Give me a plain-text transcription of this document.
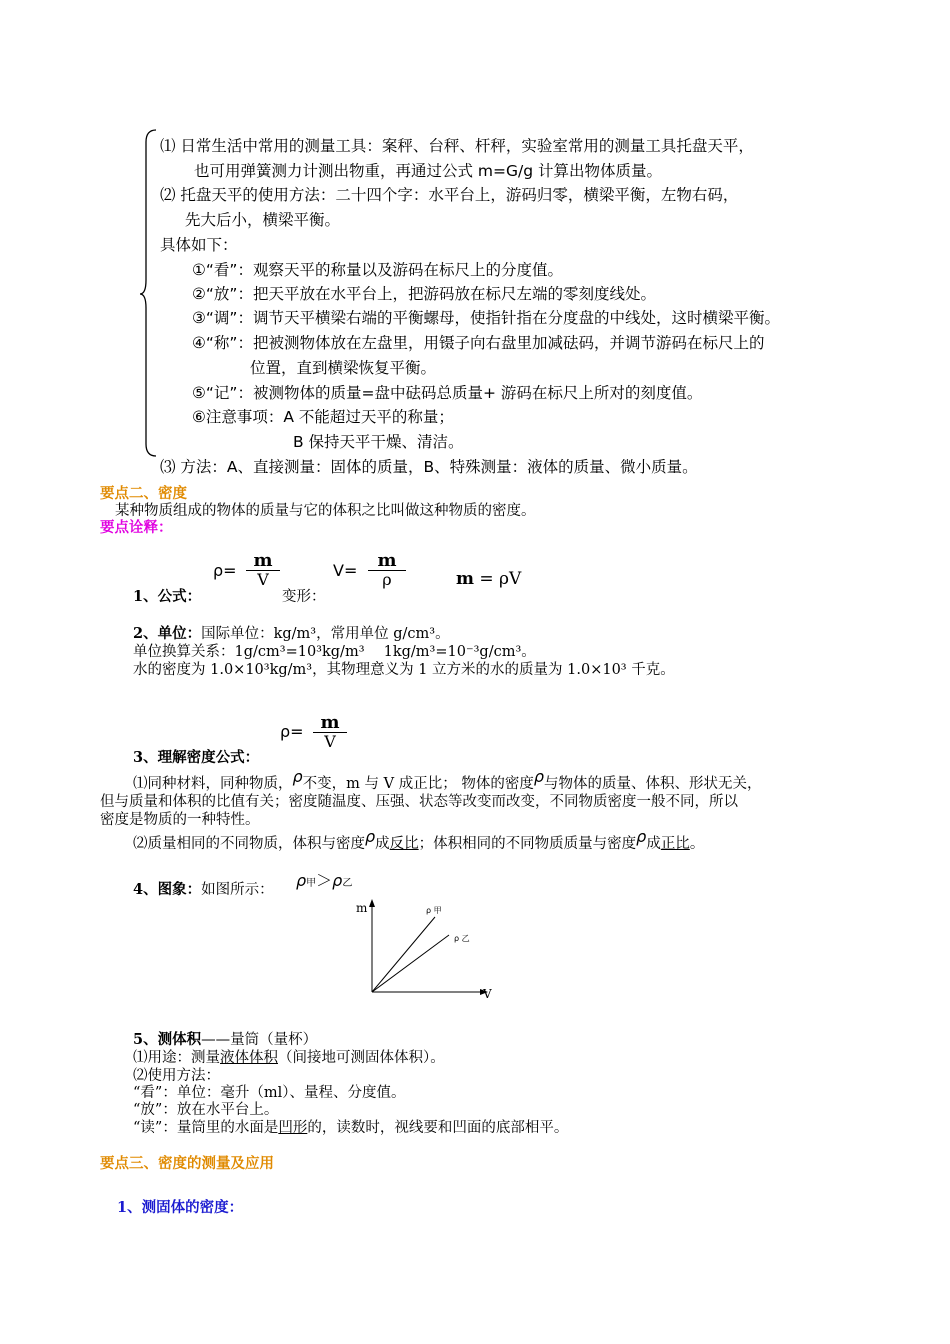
⑴ 日常生活中常用的测量工具：案秤、台秤、杆秤，实验室常用的测量工具托盘天平，
也可用弹簧测力计测出物重，再通过公式 m=G/g 计算出物体质量。
⑵ 托盘天平的使用方法：二十四个字：水平台上，游码归零，横梁平衡，左物右码，
先大后小，横梁平衡。
具体如下：
①“看”：观察天平的称量以及游码在标尺上的分度值。
②“放”：把天平放在水平台上，把游码放在标尺左端的零刻度线处。
③“调”：调节天平横梁右端的平衡螺母，使指针指在分度盘的中线处，这时横梁平衡。
④“称”：把被测物体放在左盘里，用镊子向右盘里加减砝码，并调节游码在标尺上的
位置，直到横梁恢复平衡。
⑤“记”：被测物体的质量=盘中砝码总质量+ 游码在标尺上所对的刻度值。
⑥注意事项：A 不能超过天平的称量；
B 保持天平干燥、清洁。
⑶ 方法：A、直接测量：固体的质量，B、特殊测量：液体的质量、微小质量。
要点二、密度
某种物质组成的物体的质量与它的体积之比叫做这种物质的密度。
要点诠释：
1、公式：
$\rho= \frac{m}{V}$
变形：
$V= \frac{m}{\rho}$	m = ρV
2、单位：国际单位：kg/m³，常用单位 g/cm³。
单位换算关系：1g/cm³=10³kg/m³　 1kg/m³=10⁻³g/cm³。
水的密度为 1.0×10³kg/m³，其物理意义为 1 立方米的水的质量为 1.0×10³ 千克。
$\rho= \frac{m}{V}$
3、理解密度公式：
⑴同种材料，同种物质，ρ不变，m 与 V 成正比； 物体的密度ρ与物体的质量、体积、形状无关，
但与质量和体积的比值有关；密度随温度、压强、状态等改变而改变，不同物质密度一般不同，所以
密度是物质的一种特性。
⑵质量相同的不同物质，体积与密度ρ成反比；体积相同的不同物质质量与密度ρ成正比。
4、图象：如图所示： ρ甲＞ρ乙
m
V
ρ 甲
ρ 乙
5、测体积——量筒（量杯）
⑴用途：测量液体体积（间接地可测固体体积）。
⑵使用方法：
“看”：单位：毫升（ml）、量程、分度值。
“放”：放在水平台上。
“读”：量筒里的水面是凹形的，读数时，视线要和凹面的底部相平。
要点三、密度的测量及应用
1、测固体的密度：
